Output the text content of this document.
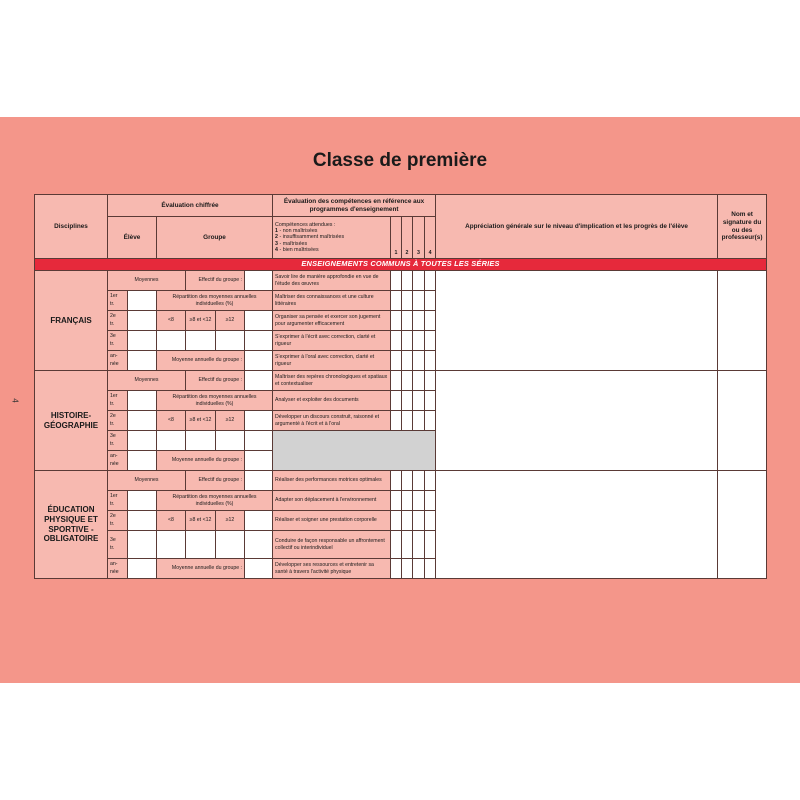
4
Classe de première
Disciplines	Évaluation chiffrée						Évaluation des compétences en référence aux programmes d'enseignement					Appréciation générale sur le niveau d'implication et les progrès de l'élève	Nom et signature du ou des professeur(s)
	Élève		Groupe				Compétences attendues :
1 - non maîtrisées
2 - insuffisamment maîtrisées
3 - maîtrisées
4 - bien maîtrisées						

								1	2	3	4		
ENSEIGNEMENTS COMMUNS À TOUTES LES SÉRIES													
FRANÇAIS	Moyennes			Effectif du groupe :			Savoir lire de manière approfondie en vue de l'étude des œuvres						

	1er
tr.		Répartition des moyennes annuelles individuelles (%)				Maîtriser des connaissances et une culture littéraires						

	2e
tr.		<8	≥8 et <12	≥12		Organiser sa pensée et exercer son jugement pour argumenter efficacement						

	3e
tr.						S'exprimer à l'écrit avec correction, clarté et rigueur						

	an-
née		Moyenne annuelle du groupe :				S'exprimer à l'oral avec correction, clarté et rigueur						
HISTOIRE-GÉOGRAPHIE	Moyennes			Effectif du groupe :			Maîtriser des repères chronologiques et spatiaux et contextualiser						

	1er
tr.		Répartition des moyennes annuelles individuelles (%)				Analyser et exploiter des documents						

	2e
tr.		<8	≥8 et <12	≥12		Développer un discours construit, raisonné et argumenté à l'écrit et à l'oral						

	3e
tr.												

	an-
née		Moyenne annuelle du groupe :										
ÉDUCATION PHYSIQUE ET SPORTIVE - OBLIGATOIRE	Moyennes			Effectif du groupe :			Réaliser des performances motrices optimales						

	1er
tr.		Répartition des moyennes annuelles individuelles (%)				Adapter son déplacement à l'environnement						

	2e
tr.		<8	≥8 et <12	≥12		Réaliser et soigner une prestation corporelle						

	3e
tr.						Conduire de façon responsable un affrontement collectif ou interindividuel						

	an-
née		Moyenne annuelle du groupe :				Développer ses ressources et entretenir sa santé à travers l'activité physique						
